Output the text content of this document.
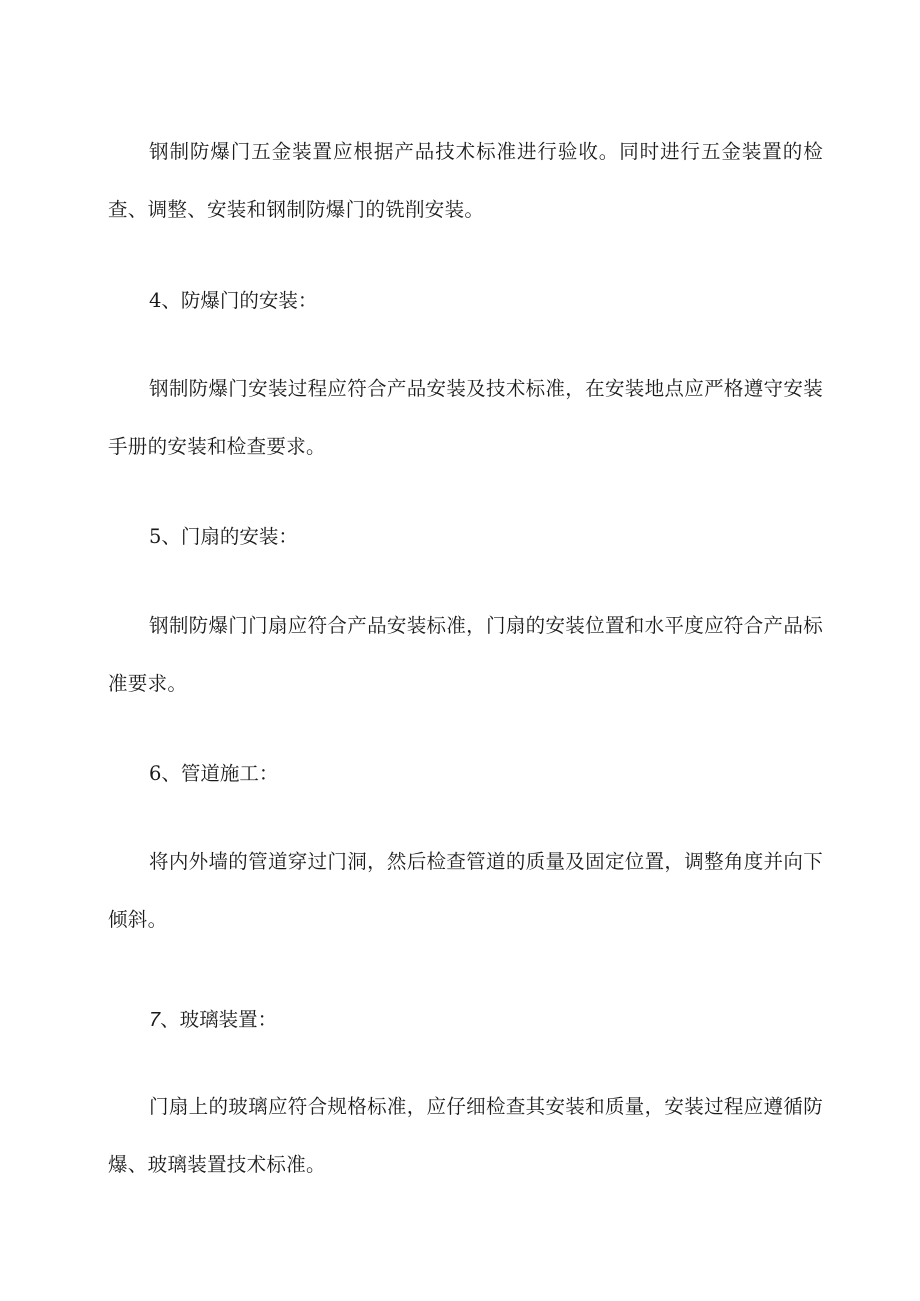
钢制防爆门五金装置应根据产品技术标准进行验收。同时进行五金装置的检查、调整、安装和钢制防爆门的铣削安装。

4、防爆门的安装：

钢制防爆门安装过程应符合产品安装及技术标准，在安装地点应严格遵守安装手册的安装和检查要求。

5、门扇的安装：

钢制防爆门门扇应符合产品安装标准，门扇的安装位置和水平度应符合产品标准要求。

6、管道施工：

将内外墙的管道穿过门洞，然后检查管道的质量及固定位置，调整角度并向下倾斜。

7、玻璃装置：

门扇上的玻璃应符合规格标准，应仔细检查其安装和质量，安装过程应遵循防爆、玻璃装置技术标准。
